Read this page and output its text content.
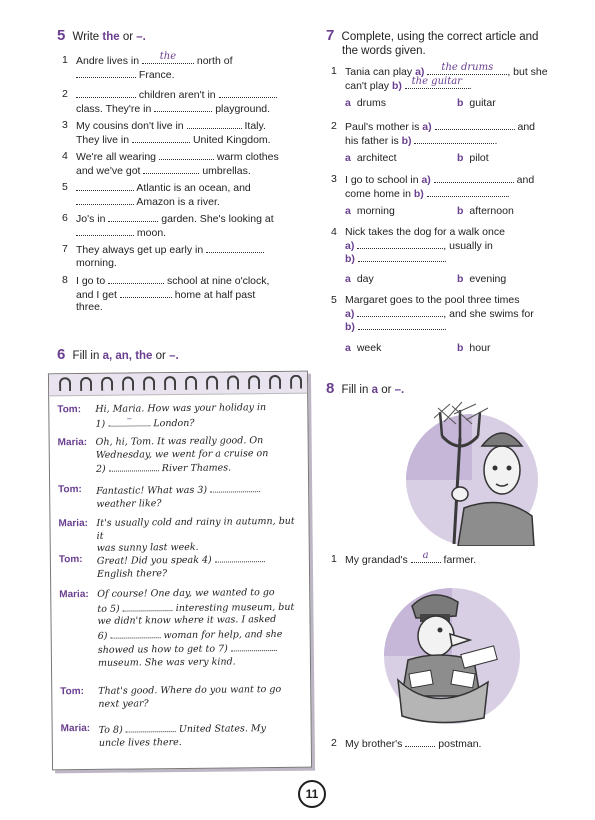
5 Write the or –.
1 Andre lives in	the	north of
France.
2	children aren't in
class. They're in	playground.
3 My cousins don't live in	Italy.
They live in	United Kingdom.
4 We're all wearing	warm clothes
and we've got	umbrellas.
5	Atlantic is an ocean, and
Amazon is a river.
6 Jo's in	garden. She's looking at
moon.
7 They always get up early in
morning.
8 I go to	school at nine o'clock,
and I get	home at half past
three.
6 Fill in a, an, the or –.
Tom:	Hi, Maria. How was your holiday in
1)	–	London?
Maria: Oh, hi, Tom. It was really good. On
Wednesday, we went for a cruise on
2)	River Thames.
Tom:	Fantastic! What was 3)
weather like?
Maria: It's usually cold and rainy in autumn, but it
was sunny last week.
Tom:	Great! Did you speak 4)
English there?
Maria: Of course! One day, we wanted to go
to 5)	interesting museum, but
we didn't know where it was. I asked
6)	woman for help, and she
showed us how to get to 7)
museum. She was very kind.
Tom:	That's good. Where do you want to go
next year?
Maria: To 8)	United States. My
uncle lives there.
7 Complete, using the correct article and
the words given.
1 Tania can play a)	the drums	, but she
can't play b) the guitar .
a drums	b guitar
2 Paul's mother is a)	and
his father is b)	.
a architect	b pilot
3 I go to school in a)	and
come home in b)	.
a morning	b afternoon
4 Nick takes the dog for a walk once
a)	, usually in
b)	.
a day	b evening
5 Margaret goes to the pool three times
a)	, and she swims for
b)	.
a week	b hour
8 Fill in a or –.
1 My grandad's	a	farmer.
2 My brother's	postman.
11
